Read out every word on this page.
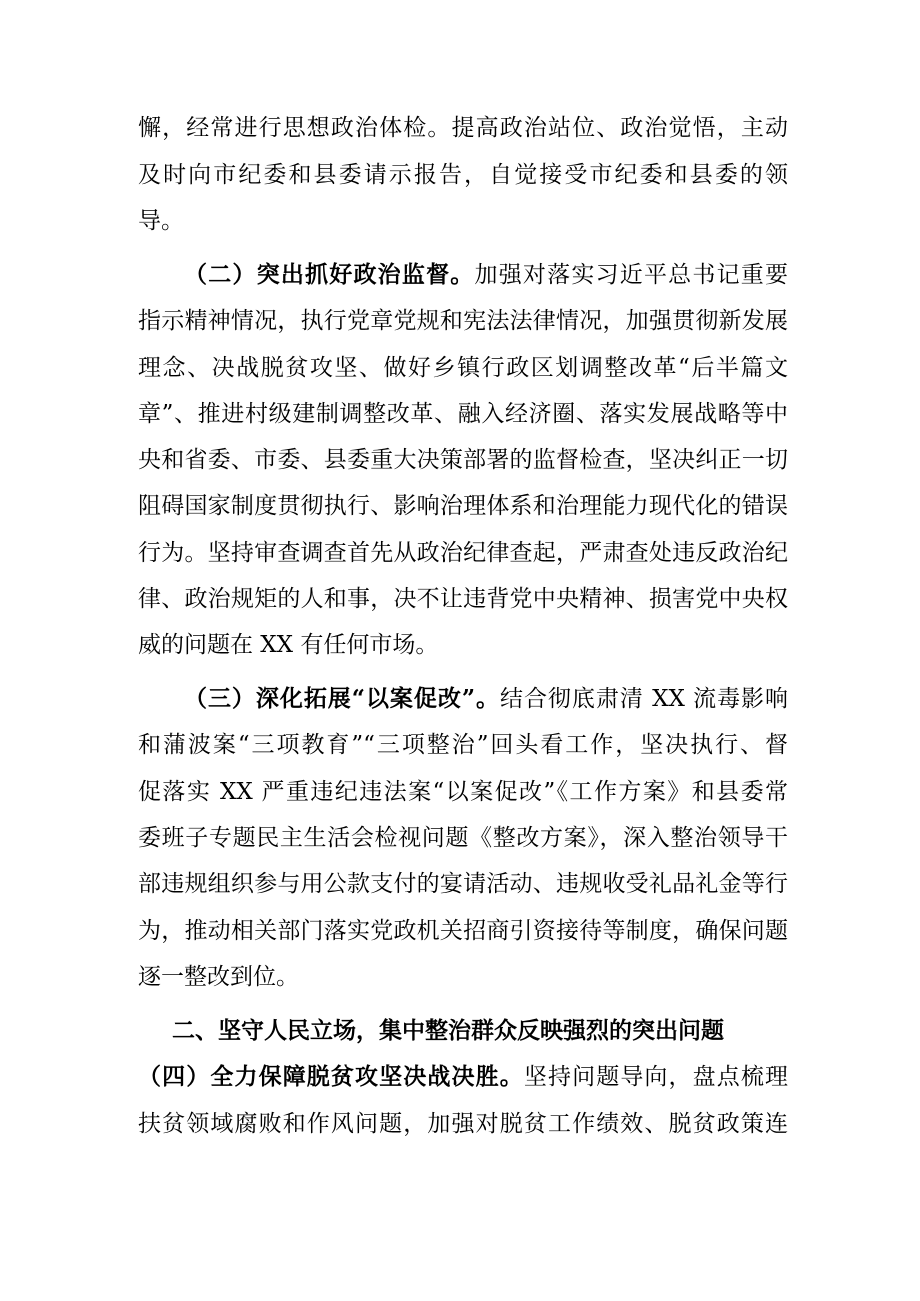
懈，经常进行思想政治体检。提高政治站位、政治觉悟，主动
及时向市纪委和县委请示报告，自觉接受市纪委和县委的领
导。
（二）突出抓好政治监督。加强对落实习近平总书记重要
指示精神情况，执行党章党规和宪法法律情况，加强贯彻新发展
理念、决战脱贫攻坚、做好乡镇行政区划调整改革“后半篇文
章”、推进村级建制调整改革、融入经济圈、落实发展战略等中
央和省委、市委、县委重大决策部署的监督检查，坚决纠正一切
阻碍国家制度贯彻执行、影响治理体系和治理能力现代化的错误
行为。坚持审查调查首先从政治纪律查起，严肃查处违反政治纪
律、政治规矩的人和事，决不让违背党中央精神、损害党中央权
威的问题在 XX 有任何市场。
（三）深化拓展“以案促改”。结合彻底肃清 XX 流毒影响
和蒲波案“三项教育”“三项整治”回头看工作，坚决执行、督
促落实 XX 严重违纪违法案“以案促改”《工作方案》和县委常
委班子专题民主生活会检视问题《整改方案》，深入整治领导干
部违规组织参与用公款支付的宴请活动、违规收受礼品礼金等行
为，推动相关部门落实党政机关招商引资接待等制度，确保问题
逐一整改到位。
二、坚守人民立场，集中整治群众反映强烈的突出问题
（四）全力保障脱贫攻坚决战决胜。坚持问题导向，盘点梳理
扶贫领域腐败和作风问题，加强对脱贫工作绩效、脱贫政策连
